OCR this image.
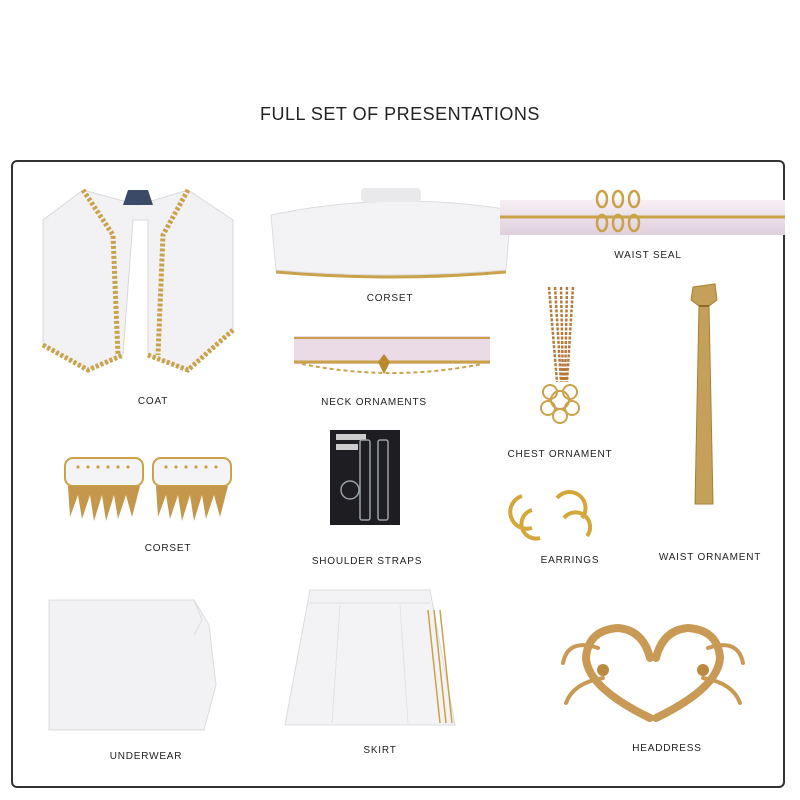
FULL SET OF PRESENTATIONS
COAT
CORSET
WAIST SEAL
NECK ORNAMENTS
CHEST ORNAMENT
WAIST ORNAMENT
CORSET
SHOULDER STRAPS	EARRINGS
UNDERWEAR
SKIRT	HEADDRESS
